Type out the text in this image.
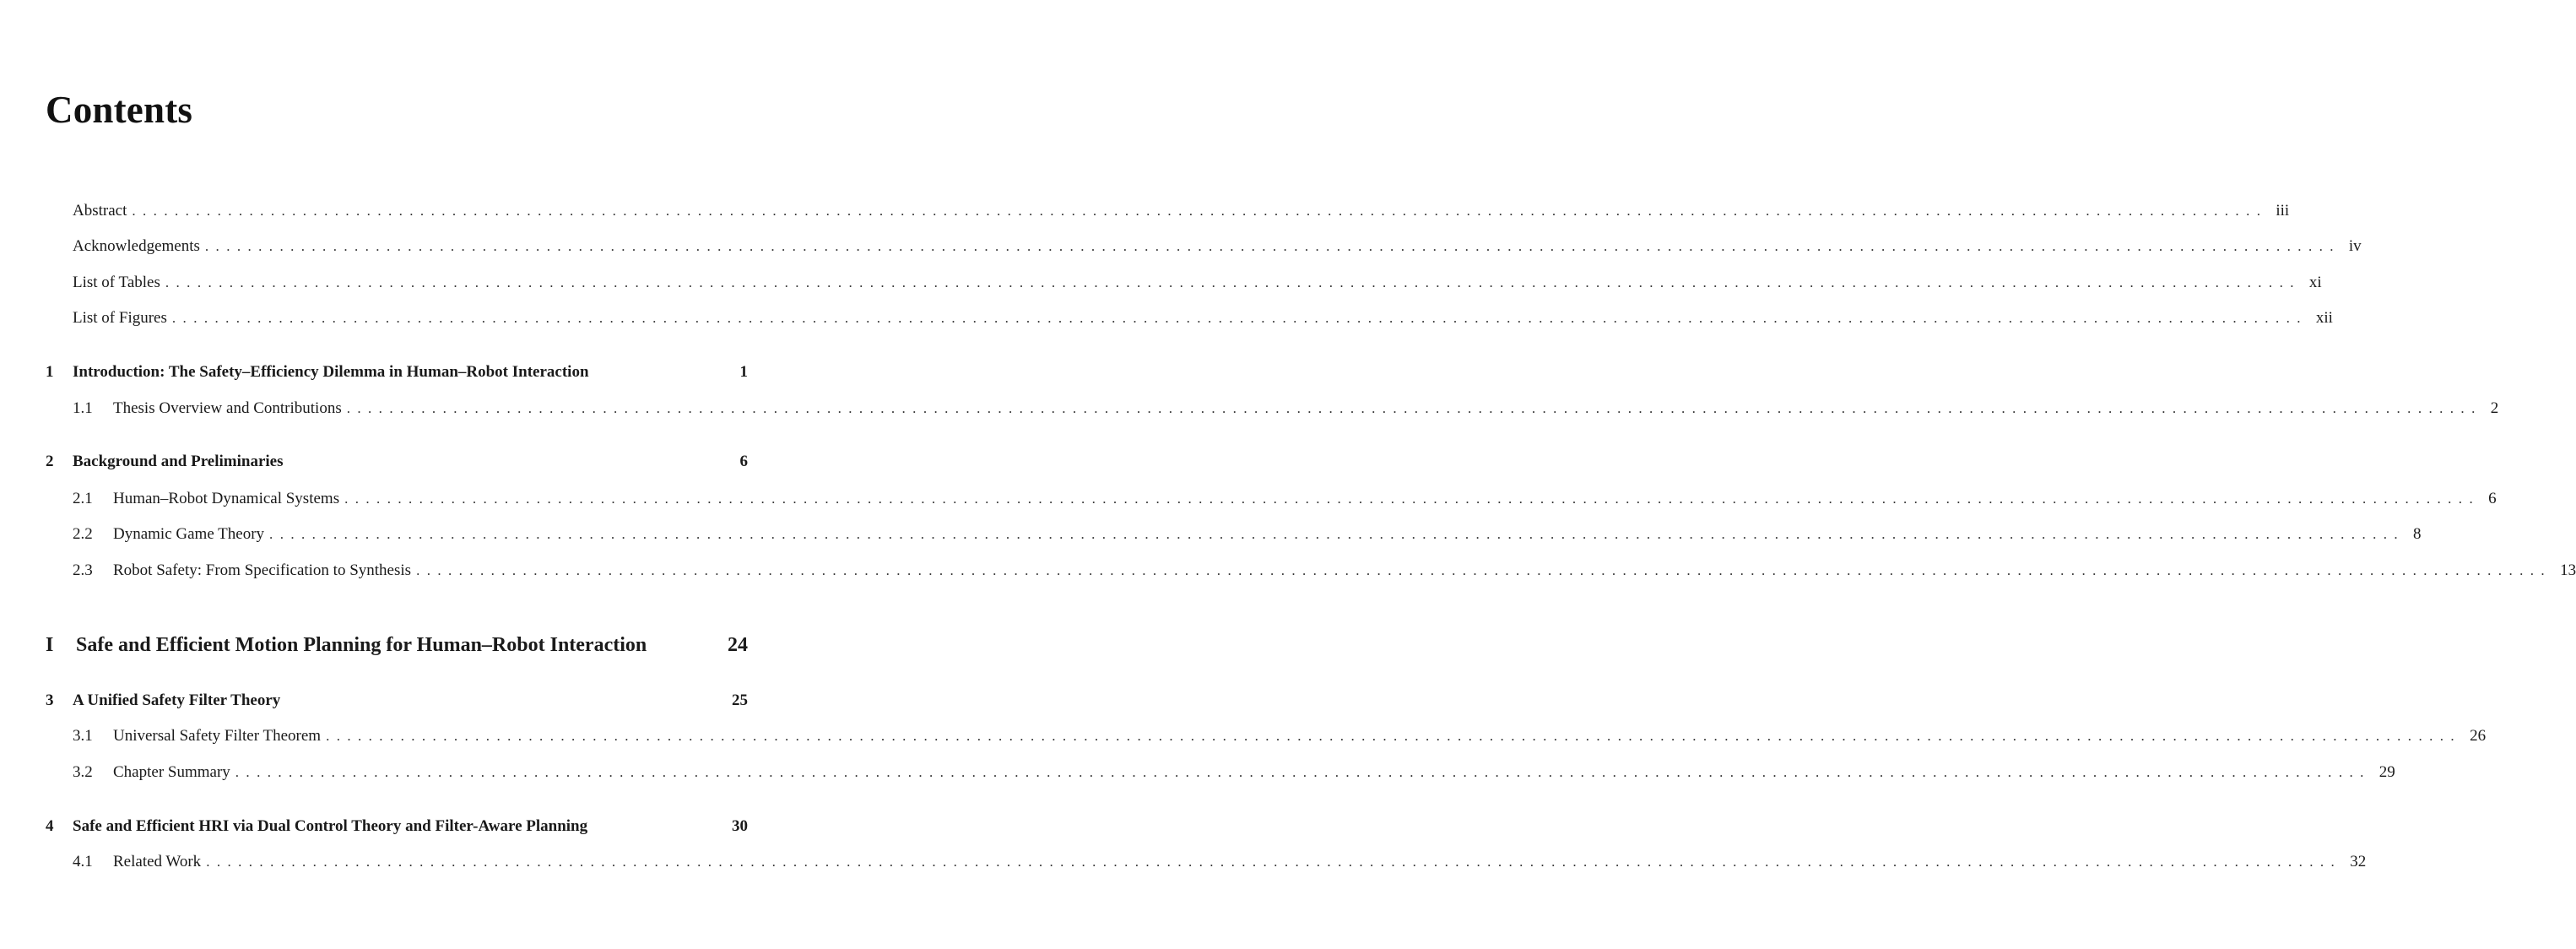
Contents
Abstract ........................................................................................................................................................................................................ iii
Acknowledgements ........................................................................................................................................................................................................ iv
List of Tables ........................................................................................................................................................................................................ xi
List of Figures ........................................................................................................................................................................................................ xii
1	Introduction: The Safety–Efficiency Dilemma in Human–Robot Interaction	1
1.1	Thesis Overview and Contributions ........................................................................................................................................................................................................ 2
2	Background and Preliminaries	6
2.1	Human–Robot Dynamical Systems ........................................................................................................................................................................................................ 6
2.2	Dynamic Game Theory ........................................................................................................................................................................................................ 8
2.3	Robot Safety: From Specification to Synthesis ........................................................................................................................................................................................................ 13
I	Safe and Efficient Motion Planning for Human–Robot Interaction	24
3	A Unified Safety Filter Theory	25
3.1	Universal Safety Filter Theorem ........................................................................................................................................................................................................ 26
3.2	Chapter Summary ........................................................................................................................................................................................................ 29
4	Safe and Efficient HRI via Dual Control Theory and Filter-Aware Planning	30
4.1	Related Work ........................................................................................................................................................................................................ 32
